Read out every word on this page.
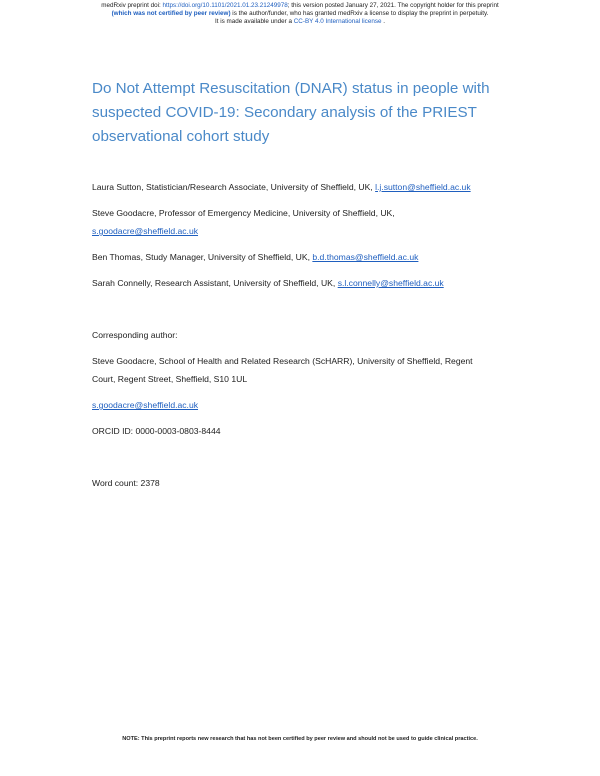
medRxiv preprint doi: https://doi.org/10.1101/2021.01.23.21249978; this version posted January 27, 2021. The copyright holder for this preprint
(which was not certified by peer review) is the author/funder, who has granted medRxiv a license to display the preprint in perpetuity.
It is made available under a CC-BY 4.0 International license .
Do Not Attempt Resuscitation (DNAR) status in people with suspected COVID-19: Secondary analysis of the PRIEST observational cohort study
Laura Sutton, Statistician/Research Associate, University of Sheffield, UK, l.j.sutton@sheffield.ac.uk
Steve Goodacre, Professor of Emergency Medicine, University of Sheffield, UK,
s.goodacre@sheffield.ac.uk
Ben Thomas, Study Manager, University of Sheffield, UK, b.d.thomas@sheffield.ac.uk
Sarah Connelly, Research Assistant, University of Sheffield, UK, s.l.connelly@sheffield.ac.uk
Corresponding author:
Steve Goodacre, School of Health and Related Research (ScHARR), University of Sheffield, Regent
Court, Regent Street, Sheffield, S10 1UL
s.goodacre@sheffield.ac.uk
ORCID ID: 0000-0003-0803-8444
Word count: 2378
NOTE: This preprint reports new research that has not been certified by peer review and should not be used to guide clinical practice.
